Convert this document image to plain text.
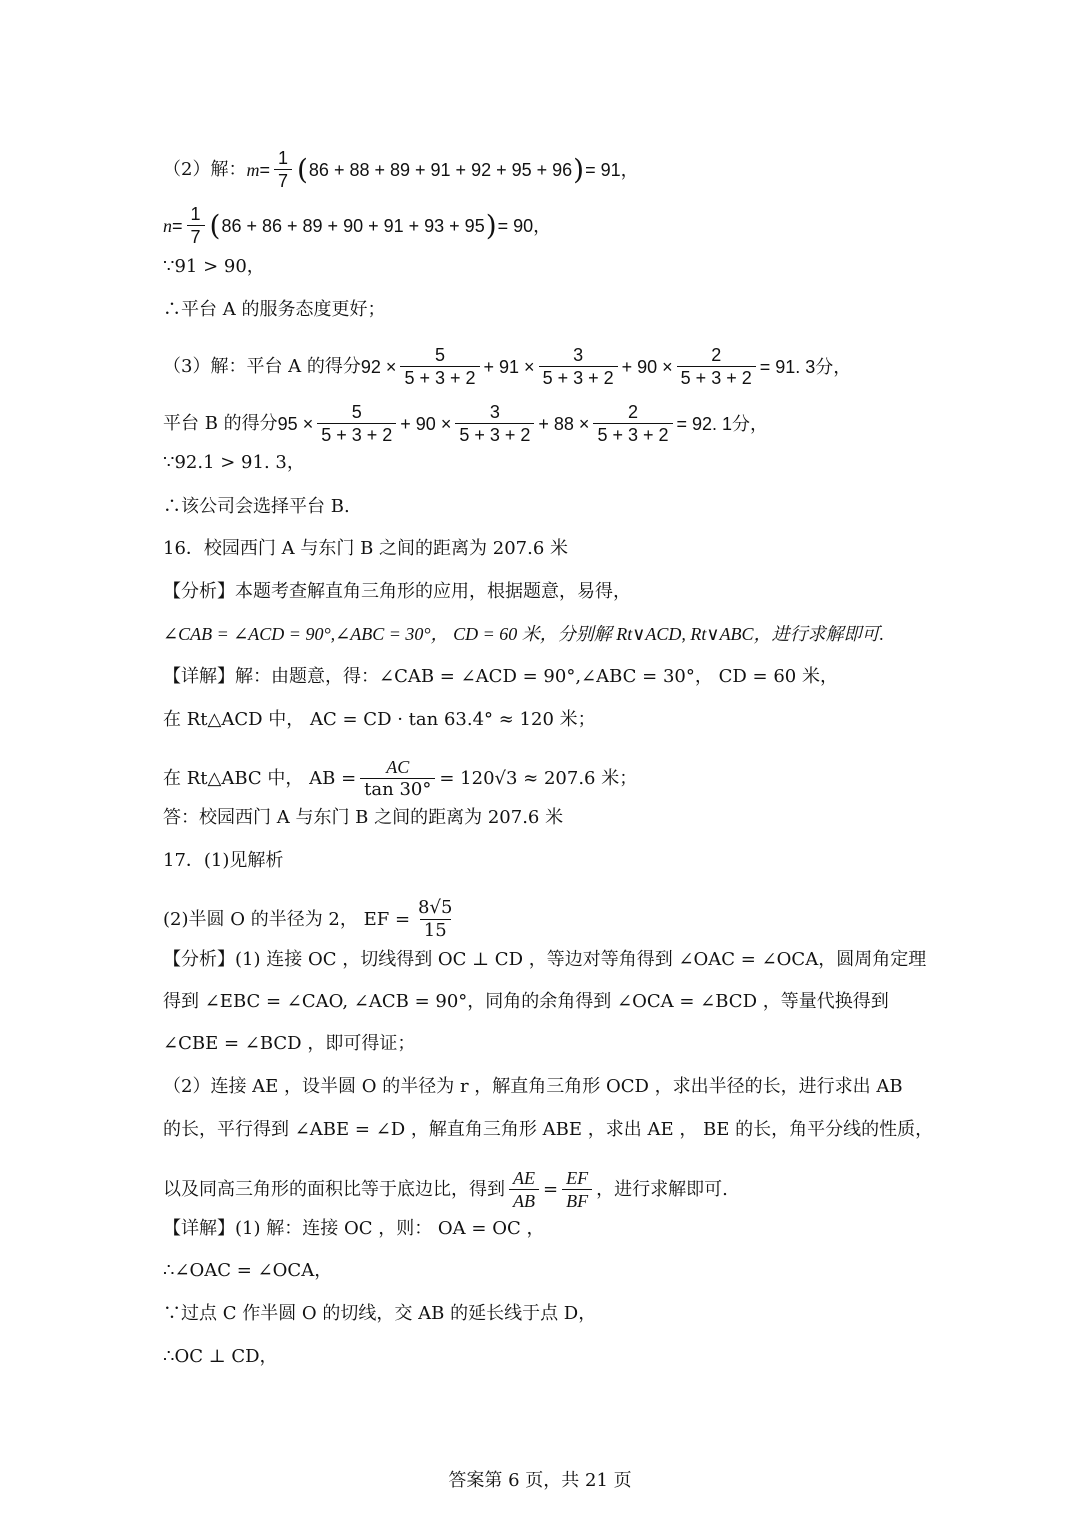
（2）解： $m = \frac{1}{7}$ ( 86 + 88 + 89 + 91 + 92 + 95 + 96 ) = 91，
$n = \frac{1}{7}$ ( 86 + 86 + 89 + 90 + 91 + 93 + 95 ) = 90，
∵91 > 90，
∴平台 A 的服务态度更好；
（3）解：平台 A 的得分 $92 \times \frac{5}{5 + 3 + 2} + 91 \times \frac{3}{5 + 3 + 2} + 90 \times \frac{2}{5 + 3 + 2} = 91$. 3分，
平台 B 的得分 $95 \times \frac{5}{5 + 3 + 2} + 90 \times \frac{3}{5 + 3 + 2} + 88 \times \frac{2}{5 + 3 + 2} = 92$. 1分，
∵92.1 > 91. 3，
∴该公司会选择平台 B.
16．校园西门 A 与东门 B 之间的距离为 207.6 米
【分析】本题考查解直角三角形的应用，根据题意，易得，
∠CAB = ∠ACD = 90°,∠ABC = 30°， CD = 60 米，分别解 Rt∨ACD, Rt∨ABC，进行求解即可.
【详解】解：由题意，得：∠CAB = ∠ACD = 90°,∠ABC = 30°， CD = 60 米，
在 Rt△ACD 中， AC = CD · tan 63.4° ≈ 120 米；
在 Rt△ABC 中， AB = $\frac{AC}{\tan 30^\circ} = 120√3 \approx 207.6$ 米；
答：校园西门 A 与东门 B 之间的距离为 207.6 米
17．(1)见解析
(2)半圆 O 的半径为 2， EF = $\frac{8√5}{15}$
【分析】(1) 连接 OC ，切线得到 OC ⊥ CD ，等边对等角得到 ∠OAC = ∠OCA，圆周角定理
得到 ∠EBC = ∠CAO, ∠ACB = 90°，同角的余角得到 ∠OCA = ∠BCD ，等量代换得到
∠CBE = ∠BCD ，即可得证；
（2）连接 AE ，设半圆 O 的半径为 r ，解直角三角形 OCD ，求出半径的长，进行求出 AB
的长，平行得到 ∠ABE = ∠D ，解直角三角形 ABE ，求出 AE ， BE 的长，角平分线的性质，
以及同高三角形的面积比等于底边比，得到 $\frac{AE}{AB} = \frac{EF}{BF}$ ，进行求解即可.
【详解】(1) 解：连接 OC ，则： OA = OC ，
∴∠OAC = ∠OCA，
∵过点 C 作半圆 O 的切线，交 AB 的延长线于点 D，
∴OC ⊥ CD，
答案第 6 页，共 21 页
